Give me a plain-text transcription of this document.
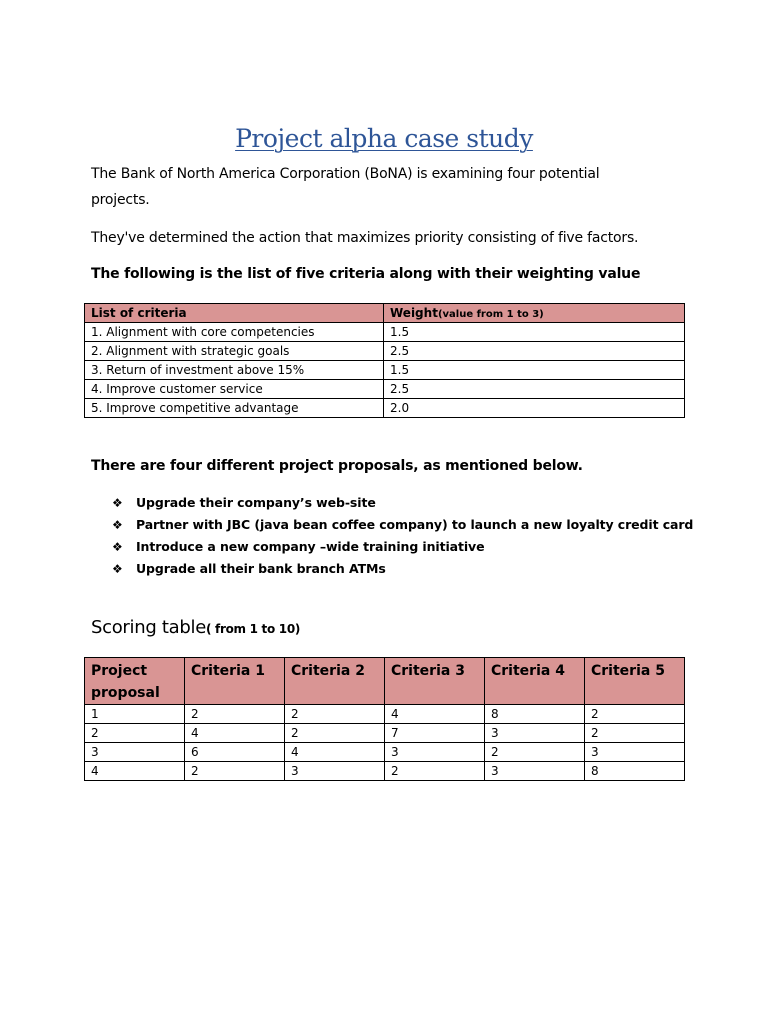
Project alpha case study
The Bank of North America Corporation (BoNA) is examining four potential projects.
They've determined the action that maximizes priority consisting of five factors.
The following is the list of five criteria along with their weighting value
List of criteria	Weight(value from 1 to 3)
1. Alignment with core competencies	1.5
2. Alignment with strategic goals	2.5
3. Return of investment above 15%	1.5
4. Improve customer service	2.5
5. Improve competitive advantage	2.0
There are four different project proposals, as mentioned below.
❖ Upgrade their company’s web-site
❖ Partner with JBC (java bean coffee company) to launch a new loyalty credit card
❖ Introduce a new company –wide training initiative
❖ Upgrade all their bank branch ATMs
Scoring table( from 1 to 10)
Project proposal	Criteria 1	Criteria 2	Criteria 3	Criteria 4	Criteria 5
1	2	2	4	8	2
2	4	2	7	3	2
3	6	4	3	2	3
4	2	3	2	3	8
